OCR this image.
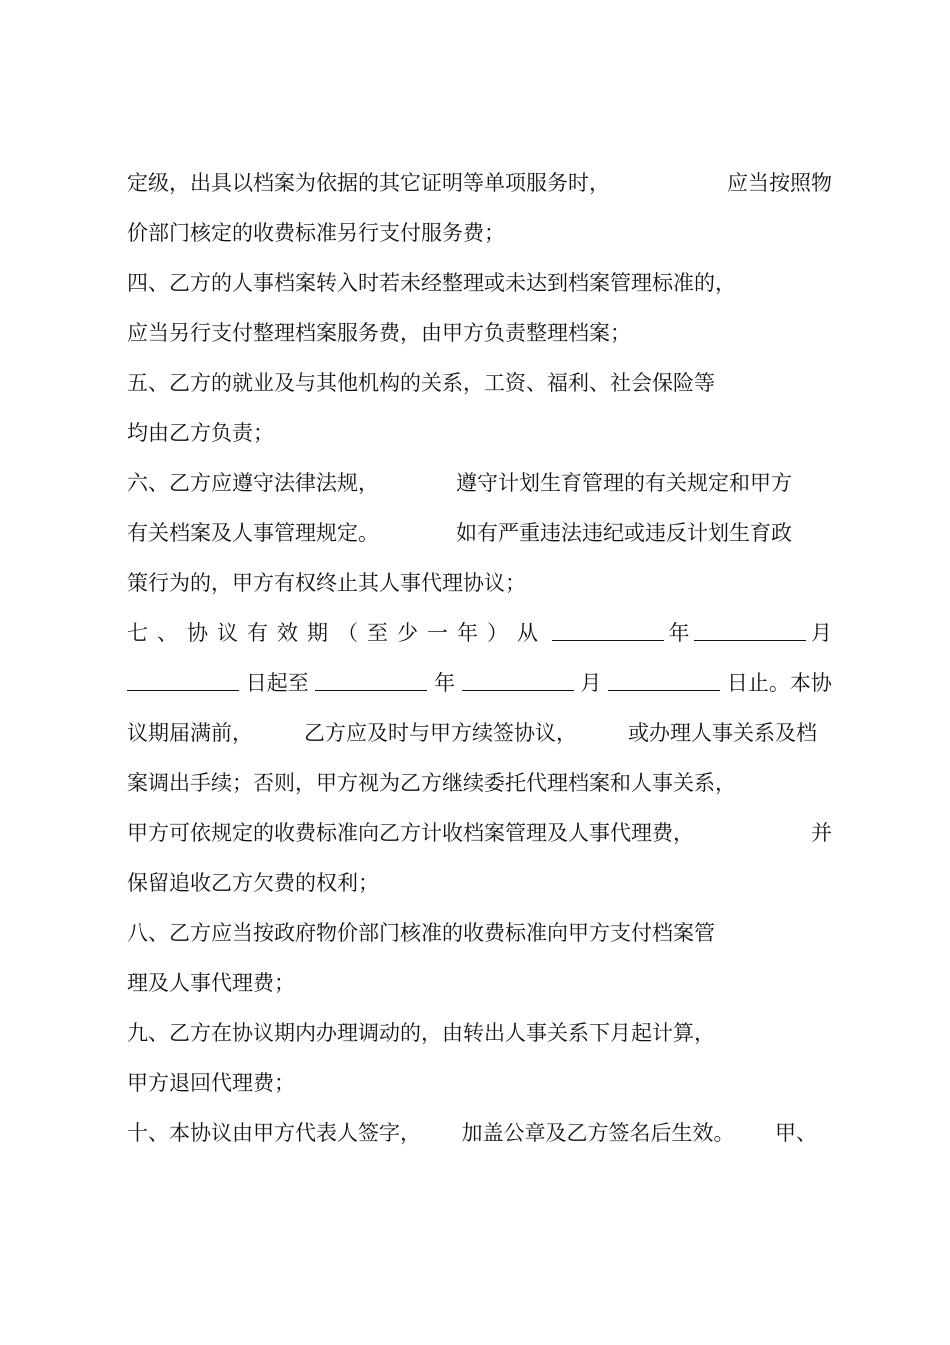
定级，出具以档案为依据的其它证明等单项服务时，	应当按照物
价部门核定的收费标准另行支付服务费；
四、乙方的人事档案转入时若未经整理或未达到档案管理标准的，
应当另行支付整理档案服务费，由甲方负责整理档案；
五、乙方的就业及与其他机构的关系，工资、福利、社会保险等
均由乙方负责；
六、乙方应遵守法律法规，	遵守计划生育管理的有关规定和甲方
有关档案及人事管理规定。	如有严重违法违纪或违反计划生育政
策行为的，甲方有权终止其人事代理协议；
七、协议有效期（至少一年）从	年	月
日起至	年	月	日止。本协
议期届满前， 乙方应及时与甲方续签协议， 或办理人事关系及档
案调出手续；否则，甲方视为乙方继续委托代理档案和人事关系，
甲方可依规定的收费标准向乙方计收档案管理及人事代理费，	并
保留追收乙方欠费的权利；
八、乙方应当按政府物价部门核准的收费标准向甲方支付档案管
理及人事代理费；
九、乙方在协议期内办理调动的，由转出人事关系下月起计算，
甲方退回代理费；
十、本协议由甲方代表人签字， 加盖公章及乙方签名后生效。 甲、
